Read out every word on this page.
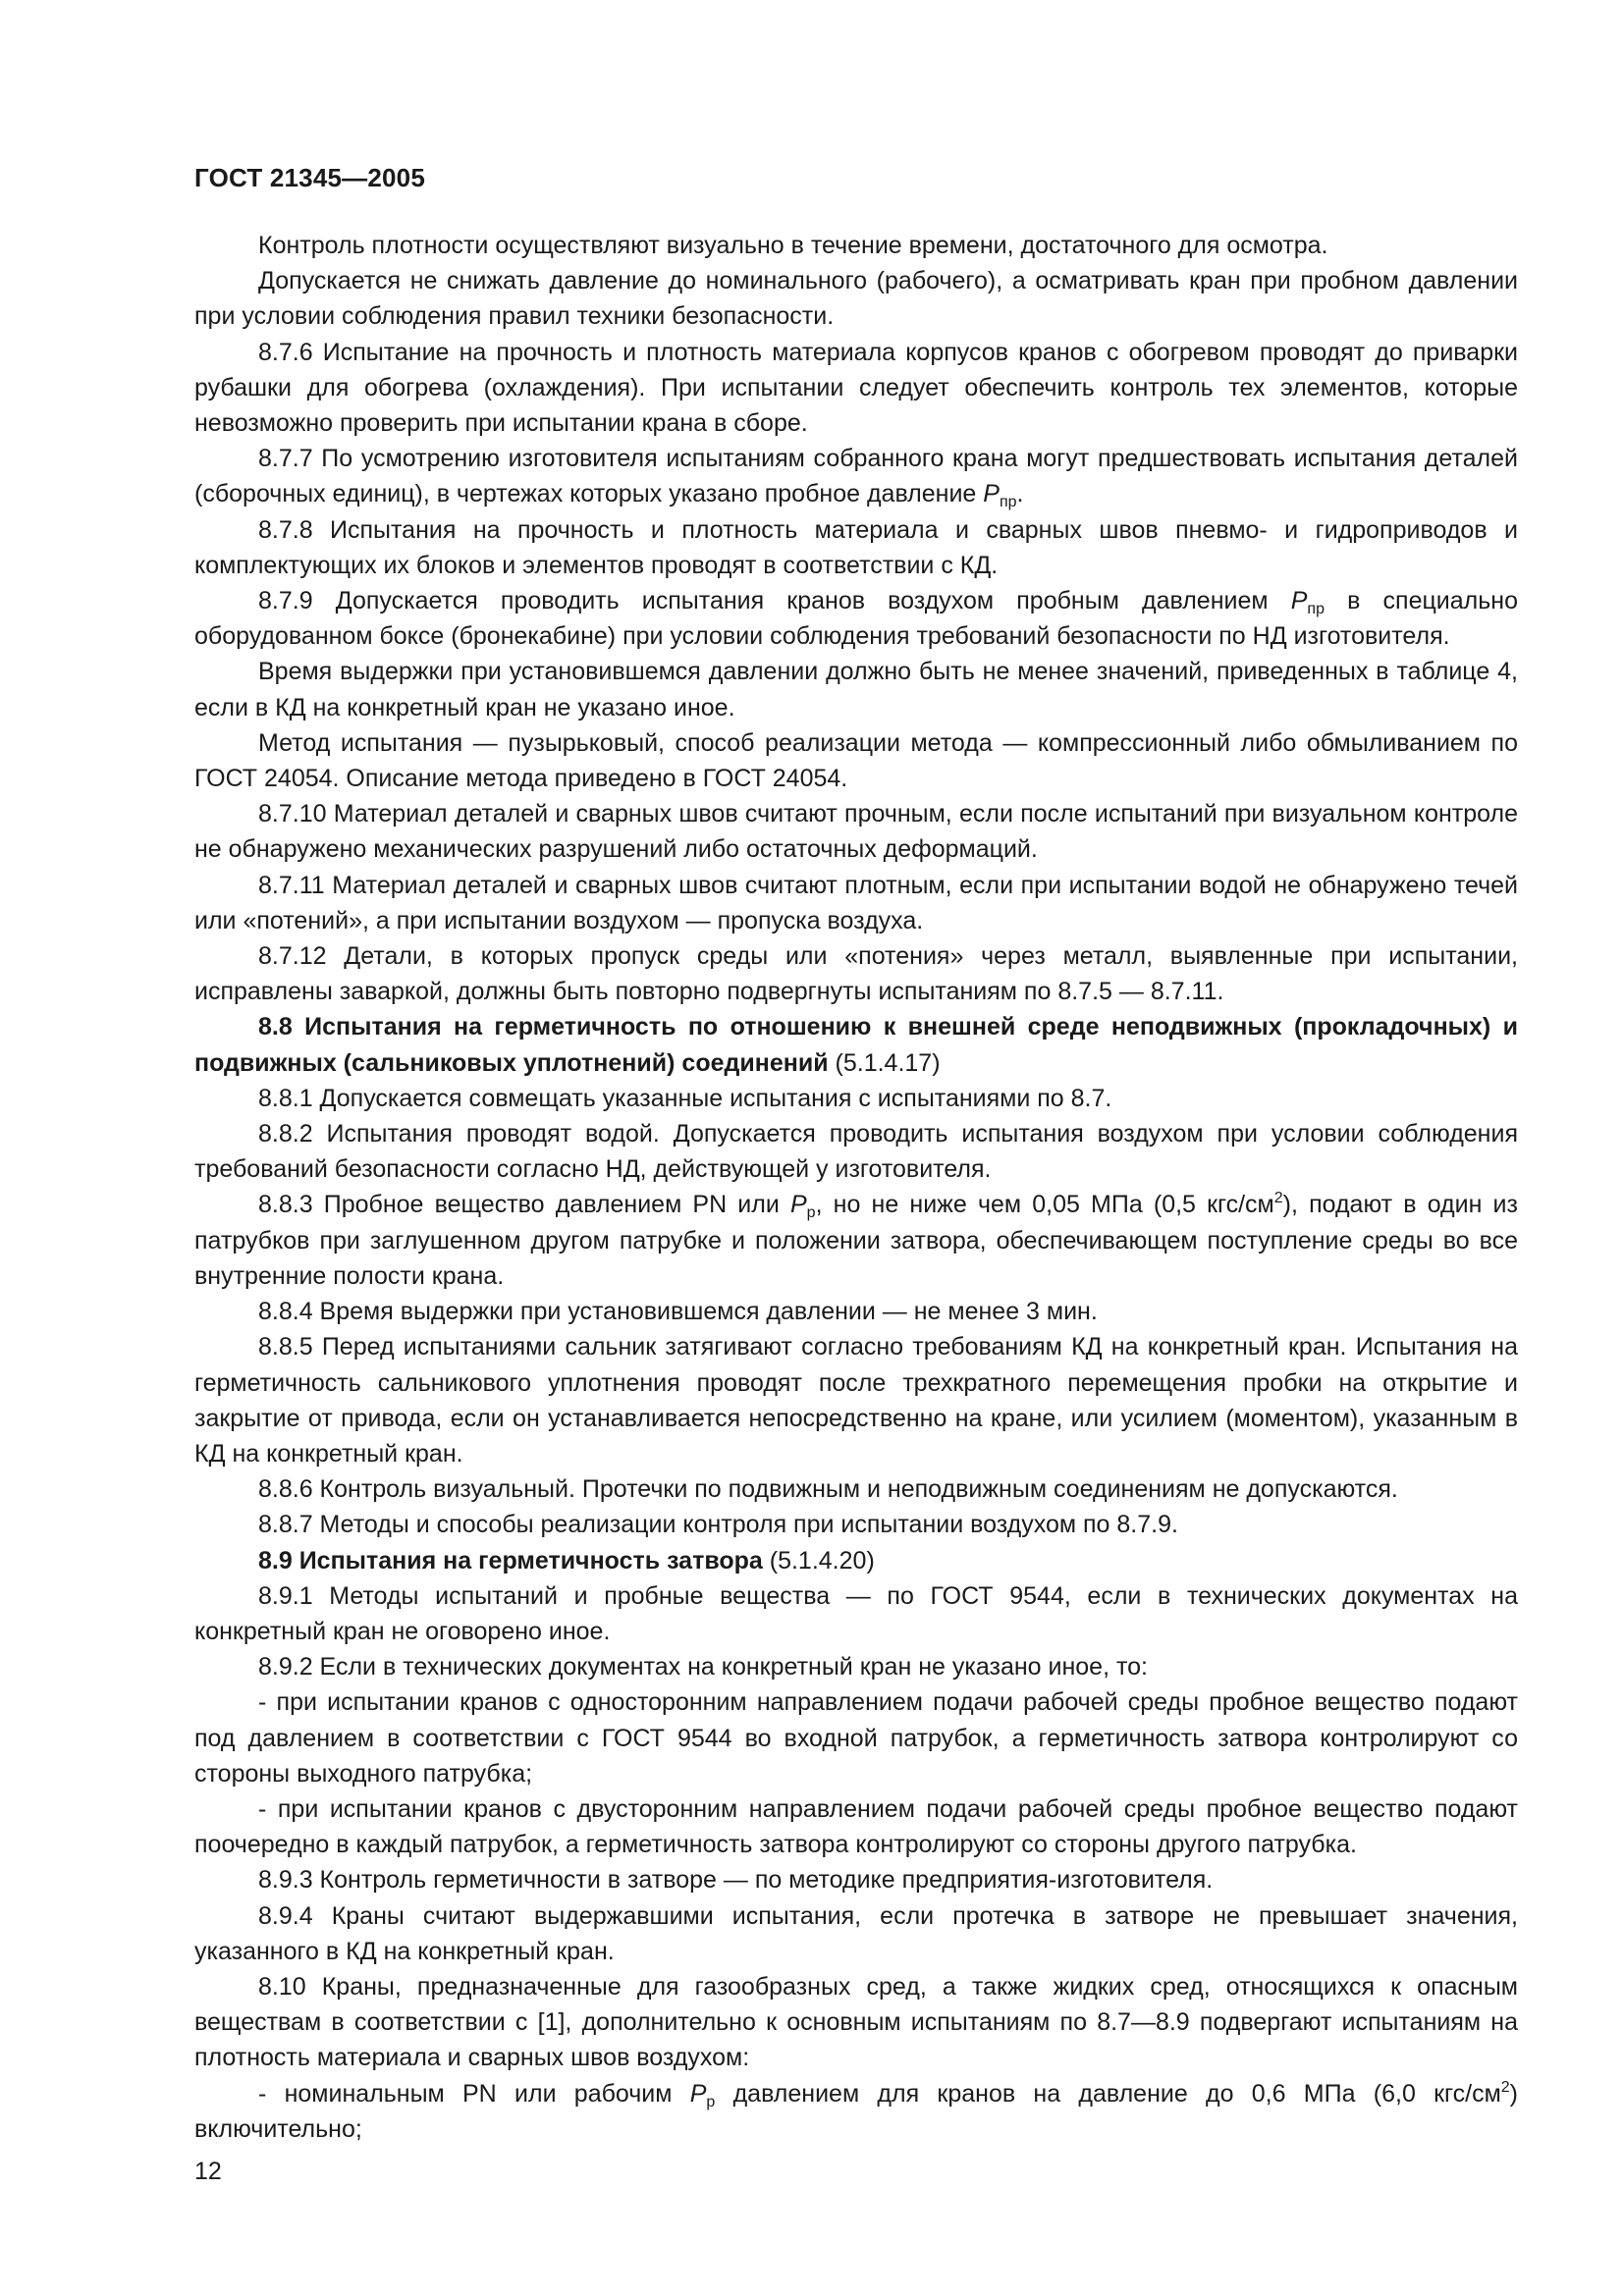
ГОСТ 21345—2005

Контроль плотности осуществляют визуально в течение времени, достаточного для осмотра.

Допускается не снижать давление до номинального (рабочего), а осматривать кран при пробном давлении при условии соблюдения правил техники безопасности.

8.7.6 Испытание на прочность и плотность материала корпусов кранов с обогревом проводят до приварки рубашки для обогрева (охлаждения). При испытании следует обеспечить контроль тех элементов, которые невозможно проверить при испытании крана в сборе.

8.7.7 По усмотрению изготовителя испытаниям собранного крана могут предшествовать испытания деталей (сборочных единиц), в чертежах которых указано пробное давление $P_{пр}$.

8.7.8 Испытания на прочность и плотность материала и сварных швов пневмо- и гидроприводов и комплектующих их блоков и элементов проводят в соответствии с КД.

8.7.9 Допускается проводить испытания кранов воздухом пробным давлением $P_{пр}$ в специально оборудованном боксе (бронекабине) при условии соблюдения требований безопасности по НД изготовителя.

Время выдержки при установившемся давлении должно быть не менее значений, приведенных в таблице 4, если в КД на конкретный кран не указано иное.

Метод испытания — пузырьковый, способ реализации метода — компрессионный либо обмыливанием по ГОСТ 24054. Описание метода приведено в ГОСТ 24054.

8.7.10 Материал деталей и сварных швов считают прочным, если после испытаний при визуальном контроле не обнаружено механических разрушений либо остаточных деформаций.

8.7.11 Материал деталей и сварных швов считают плотным, если при испытании водой не обнаружено течей или «потений», а при испытании воздухом — пропуска воздуха.

8.7.12 Детали, в которых пропуск среды или «потения» через металл, выявленные при испытании, исправлены заваркой, должны быть повторно подвергнуты испытаниям по 8.7.5 — 8.7.11.

8.8 Испытания на герметичность по отношению к внешней среде неподвижных (прокладочных) и подвижных (сальниковых уплотнений) соединений (5.1.4.17)

8.8.1 Допускается совмещать указанные испытания с испытаниями по 8.7.

8.8.2 Испытания проводят водой. Допускается проводить испытания воздухом при условии соблюдения требований безопасности согласно НД, действующей у изготовителя.

8.8.3 Пробное вещество давлением PN или $P_р$, но не ниже чем 0,05 МПа (0,5 кгс/$см^2$), подают в один из патрубков при заглушенном другом патрубке и положении затвора, обеспечивающем поступление среды во все внутренние полости крана.

8.8.4 Время выдержки при установившемся давлении — не менее 3 мин.

8.8.5 Перед испытаниями сальник затягивают согласно требованиям КД на конкретный кран. Испытания на герметичность сальникового уплотнения проводят после трехкратного перемещения пробки на открытие и закрытие от привода, если он устанавливается непосредственно на кране, или усилием (моментом), указанным в КД на конкретный кран.

8.8.6 Контроль визуальный. Протечки по подвижным и неподвижным соединениям не допускаются.

8.8.7 Методы и способы реализации контроля при испытании воздухом по 8.7.9.

8.9 Испытания на герметичность затвора (5.1.4.20)

8.9.1 Методы испытаний и пробные вещества — по ГОСТ 9544, если в технических документах на конкретный кран не оговорено иное.

8.9.2 Если в технических документах на конкретный кран не указано иное, то:

- при испытании кранов с односторонним направлением подачи рабочей среды пробное вещество подают под давлением в соответствии с ГОСТ 9544 во входной патрубок, а герметичность затвора контролируют со стороны выходного патрубка;

- при испытании кранов с двусторонним направлением подачи рабочей среды пробное вещество подают поочередно в каждый патрубок, а герметичность затвора контролируют со стороны другого патрубка.

8.9.3 Контроль герметичности в затворе — по методике предприятия-изготовителя.

8.9.4 Краны считают выдержавшими испытания, если протечка в затворе не превышает значения, указанного в КД на конкретный кран.

8.10 Краны, предназначенные для газообразных сред, а также жидких сред, относящихся к опасным веществам в соответствии с [1], дополнительно к основным испытаниям по 8.7—8.9 подвергают испытаниям на плотность материала и сварных швов воздухом:

- номинальным PN или рабочим $P_р$ давлением для кранов на давление до 0,6 МПа (6,0 кгс/$см^2$) включительно;

12
